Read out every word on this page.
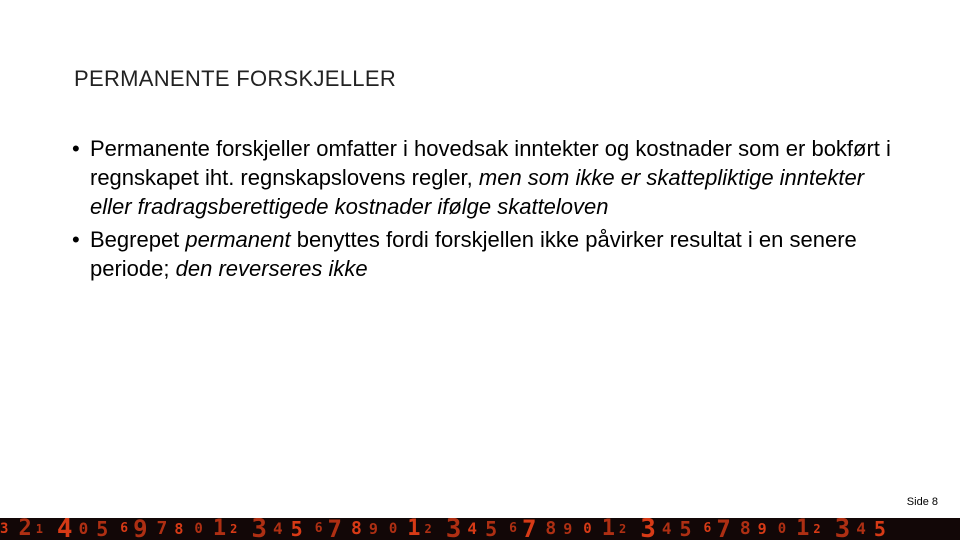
PERMANENTE FORSKJELLER
• Permanente forskjeller omfatter i hovedsak inntekter og kostnader som er bokført i regnskapet iht. regnskapslovens regler, men som ikke er skattepliktige inntekter eller fradragsberettigede kostnader ifølge skatteloven
• Begrepet permanent benyttes fordi forskjellen ikke påvirker resultat i en senere periode; den reverseres ikke
Side 8
3 2 1 4 0 5 6 9 7 8 0 1 2 3 4 5 6 7 8 9 0 1 2 3 4 5 6 7 8 9 0 1 2 3 4 5 6 7 8 9 0 1 2 3 4 5
